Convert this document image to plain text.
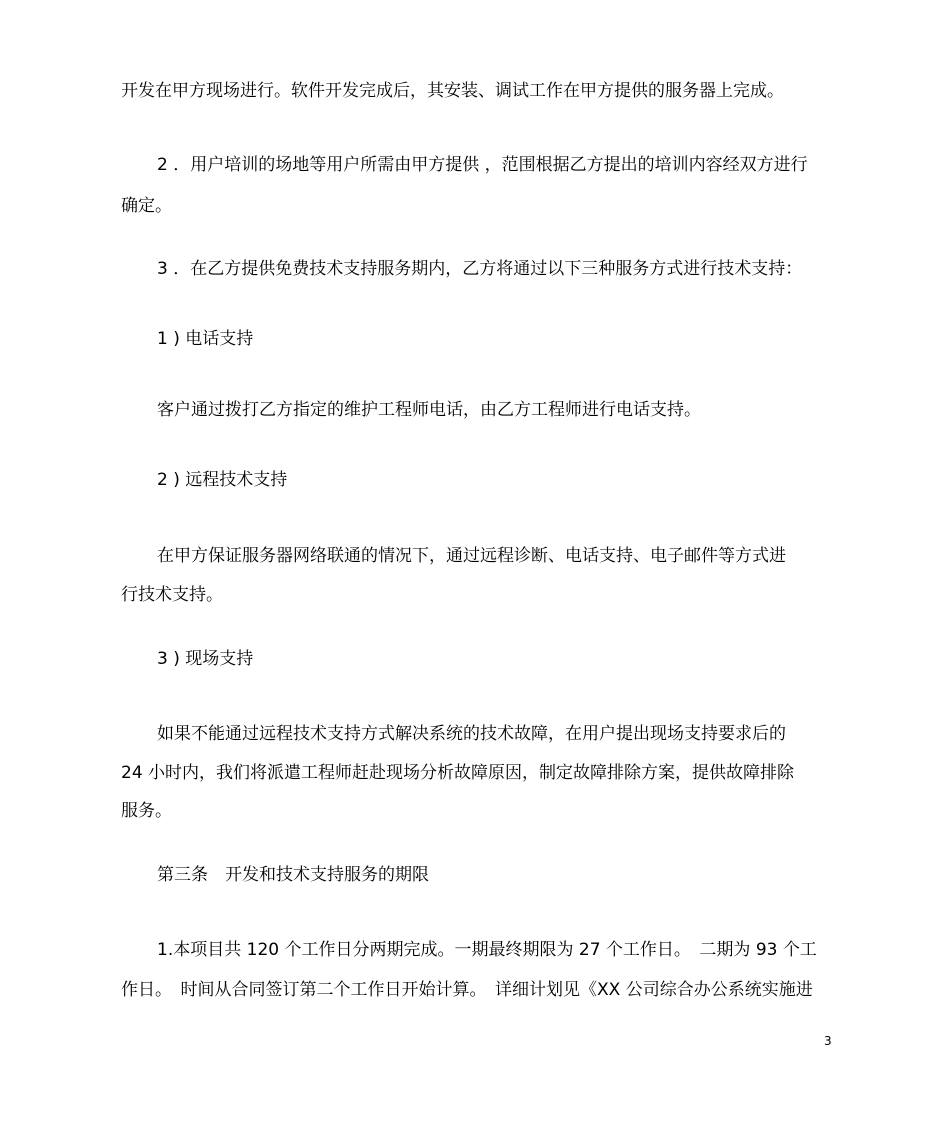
开发在甲方现场进行。软件开发完成后，其安装、调试工作在甲方提供的服务器上完成。

2 ．用户培训的场地等用户所需由甲方提供 ，范围根据乙方提出的培训内容经双方进行

确定。

3 ．在乙方提供免费技术支持服务期内，乙方将通过以下三种服务方式进行技术支持：

1 ) 电话支持

客户通过拨打乙方指定的维护工程师电话，由乙方工程师进行电话支持。

2 ) 远程技术支持

在甲方保证服务器网络联通的情况下，通过远程诊断、电话支持、电子邮件等方式进

行技术支持。

3 ) 现场支持

如果不能通过远程技术支持方式解决系统的技术故障，在用户提出现场支持要求后的

24 小时内，我们将派遣工程师赶赴现场分析故障原因，制定故障排除方案，提供故障排除

服务。

第三条　开发和技术支持服务的期限

1.本项目共 120 个工作日分两期完成。一期最终期限为 27 个工作日。　二期为 93 个工

作日。　时间从合同签订第二个工作日开始计算。　详细计划见《XX 公司综合办公系统实施进

3
